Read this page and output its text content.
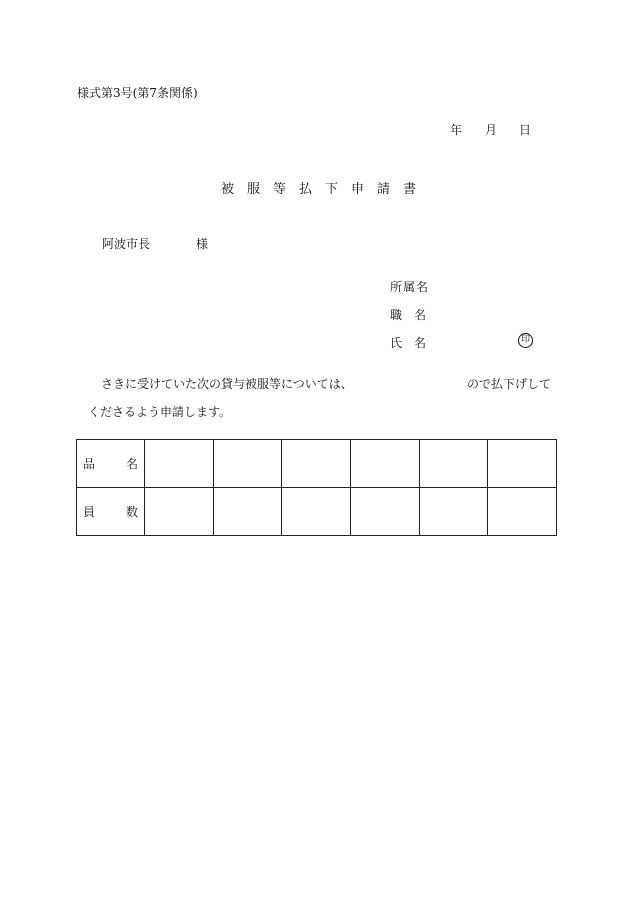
様式第3号(第7条関係)
年 月 日
被服等払下申請書
阿波市長	様
所属名
職 名
氏 名	印
さきに受けていた次の貸与被服等については、	ので払下げして
くださるよう申請します。
品 名						

員 数						
